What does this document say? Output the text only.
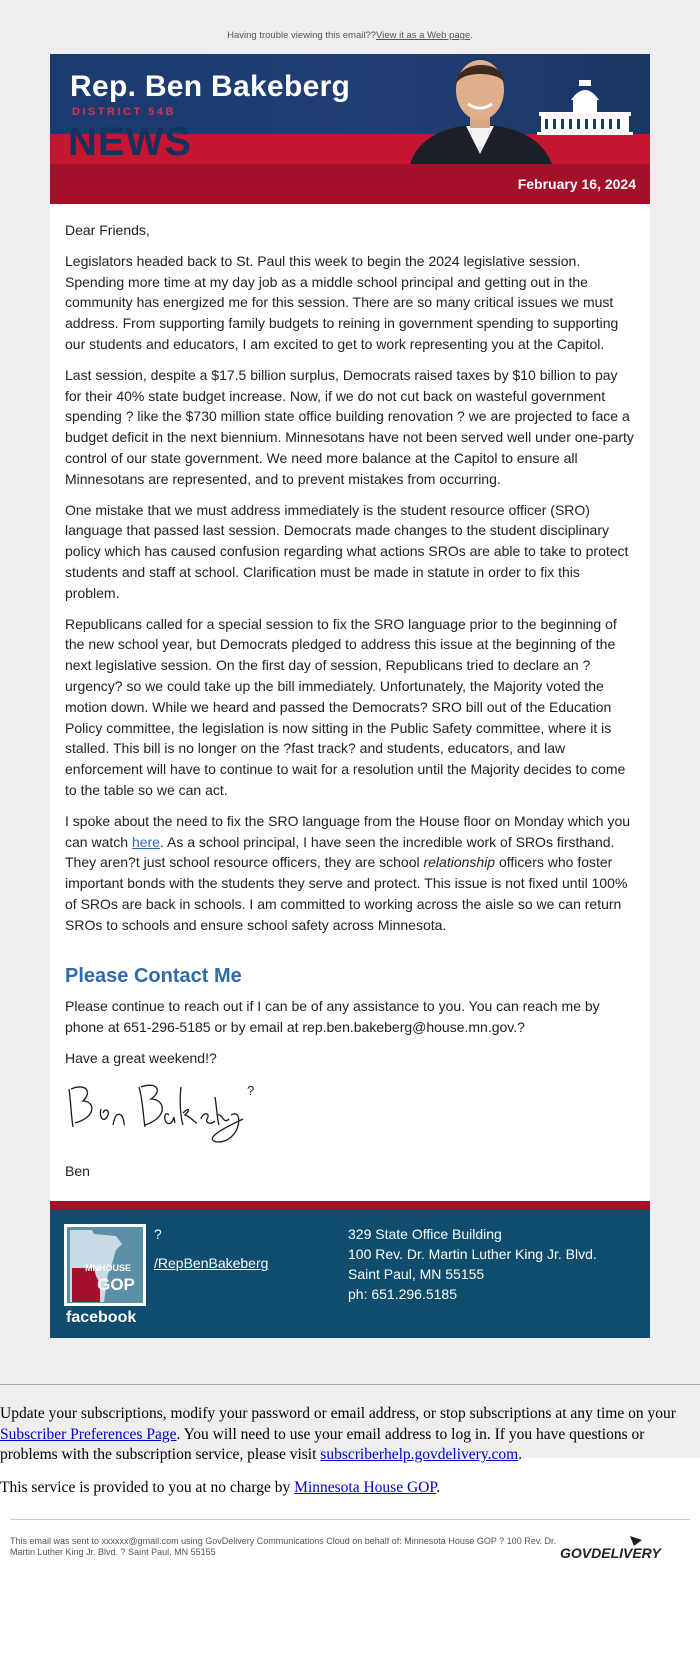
Having trouble viewing this email??View it as a Web page.
Rep. Ben Bakeberg
DISTRICT 54B
NEWS
February 16, 2024

Dear Friends,

Legislators headed back to St. Paul this week to begin the 2024 legislative session. Spending more time at my day job as a middle school principal and getting out in the community has energized me for this session. There are so many critical issues we must address. From supporting family budgets to reining in government spending to supporting our students and educators, I am excited to get to work representing you at the Capitol.

Last session, despite a $17.5 billion surplus, Democrats raised taxes by $10 billion to pay for their 40% state budget increase. Now, if we do not cut back on wasteful government spending ? like the $730 million state office building renovation ? we are projected to face a budget deficit in the next biennium. Minnesotans have not been served well under one-party control of our state government. We need more balance at the Capitol to ensure all Minnesotans are represented, and to prevent mistakes from occurring.

One mistake that we must address immediately is the student resource officer (SRO) language that passed last session. Democrats made changes to the student disciplinary policy which has caused confusion regarding what actions SROs are able to take to protect students and staff at school. Clarification must be made in statute in order to fix this problem.

Republicans called for a special session to fix the SRO language prior to the beginning of the new school year, but Democrats pledged to address this issue at the beginning of the next legislative session. On the first day of session, Republicans tried to declare an ?urgency? so we could take up the bill immediately. Unfortunately, the Majority voted the motion down. While we heard and passed the Democrats? SRO bill out of the Education Policy committee, the legislation is now sitting in the Public Safety committee, where it is stalled. This bill is no longer on the ?fast track? and students, educators, and law enforcement will have to continue to wait for a resolution until the Majority decides to come to the table so we can act.

I spoke about the need to fix the SRO language from the House floor on Monday which you can watch here. As a school principal, I have seen the incredible work of SROs firsthand. They aren?t just school resource officers, they are school relationship officers who foster important bonds with the students they serve and protect. This issue is not fixed until 100% of SROs are back in schools. I am committed to working across the aisle so we can return SROs to schools and ensure school safety across Minnesota.

Please Contact Me

Please continue to reach out if I can be of any assistance to you. You can reach me by phone at 651-296-5185 or by email at rep.ben.bakeberg@house.mn.gov.?

Have a great weekend!?

?

Ben

MNHOUSE
GOP
facebook
?
/RepBenBakeberg
329 State Office Building
100 Rev. Dr. Martin Luther King Jr. Blvd.
Saint Paul, MN 55155
ph: 651.296.5185

Update your subscriptions, modify your password or email address, or stop subscriptions at any time on your Subscriber Preferences Page. You will need to use your email address to log in. If you have questions or problems with the subscription service, please visit subscriberhelp.govdelivery.com.

This service is provided to you at no charge by Minnesota House GOP.

This email was sent to xxxxxx@gmail.com using GovDelivery Communications Cloud on behalf of: Minnesota House GOP ? 100 Rev. Dr. Martin Luther King Jr. Blvd. ? Saint Paul, MN 55155	GOVDELIVERY
